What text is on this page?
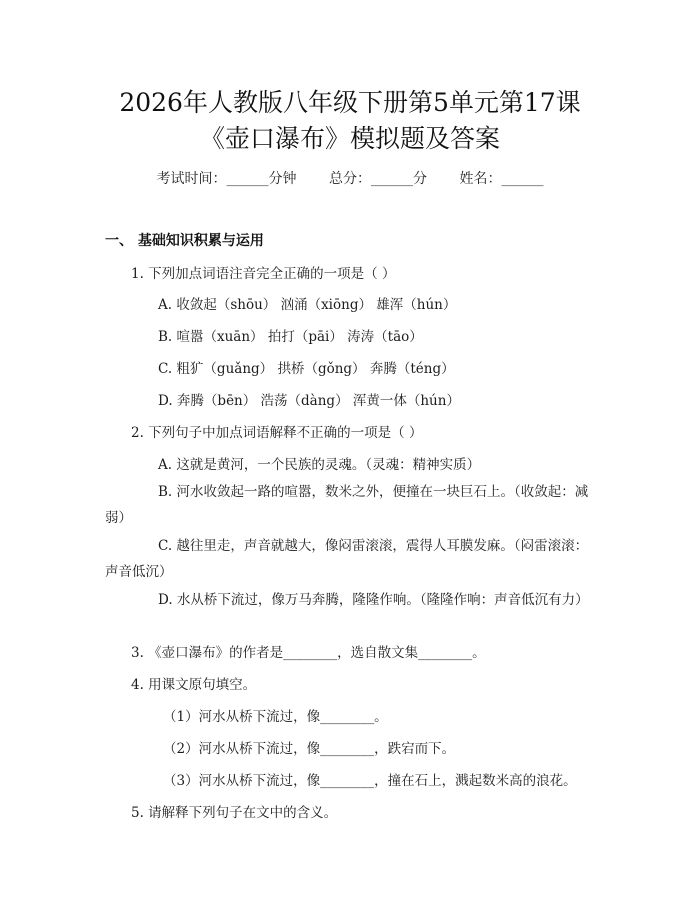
2026年人教版八年级下册第5单元第17课
《壶口瀑布》模拟题及答案
考试时间：______分钟 总分：______分 姓名：______
一、 基础知识积累与运用
1. 下列加点词语注音完全正确的一项是（ ）
A. 收敛起（shōu） 汹涌（xiōng） 雄浑（hún）
B. 喧嚣（xuān） 拍打（pāi） 涛涛（tāo）
C. 粗犷（guǎng） 拱桥（gǒng） 奔腾（téng）
D. 奔腾（bēn） 浩荡（dàng） 浑黄一体（hún）
2. 下列句子中加点词语解释不正确的一项是（ ）
A. 这就是黄河，一个民族的灵魂。（灵魂：精神实质）
B. 河水收敛起一路的喧嚣，数米之外，便撞在一块巨石上。（收敛起：减弱）
C. 越往里走，声音就越大，像闷雷滚滚，震得人耳膜发麻。（闷雷滚滚：声音低沉）
D. 水从桥下流过，像万马奔腾，隆隆作响。（隆隆作响：声音低沉有力）
3. 《壶口瀑布》的作者是________，选自散文集________。
4. 用课文原句填空。
（1）河水从桥下流过，像________。
（2）河水从桥下流过，像________，跌宕而下。
（3）河水从桥下流过，像________，撞在石上，溅起数米高的浪花。
5. 请解释下列句子在文中的含义。
